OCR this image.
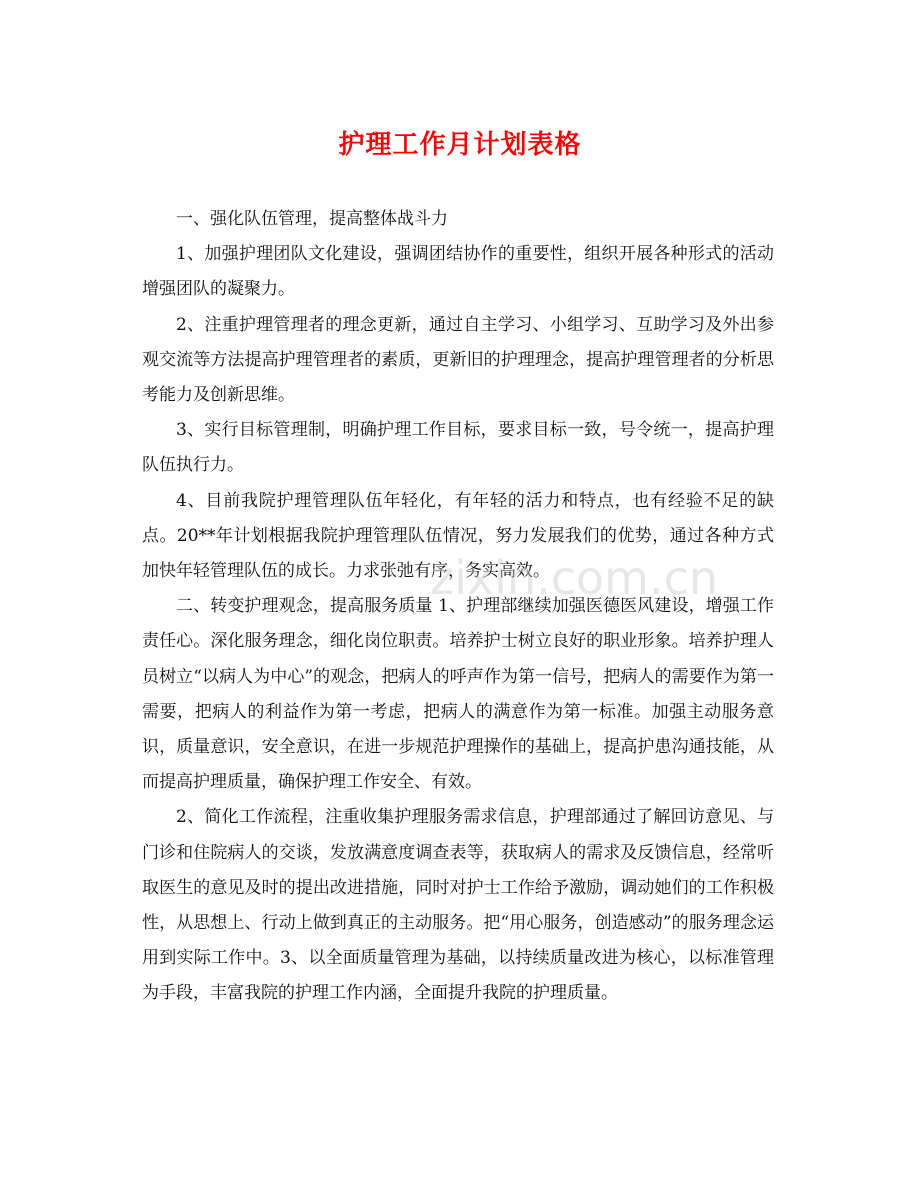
护理工作月计划表格

一、强化队伍管理，提高整体战斗力

1、加强护理团队文化建设，强调团结协作的重要性，组织开展各种形式的活动增强团队的凝聚力。

2、注重护理管理者的理念更新，通过自主学习、小组学习、互助学习及外出参观交流等方法提高护理管理者的素质，更新旧的护理理念，提高护理管理者的分析思考能力及创新思维。

3、实行目标管理制，明确护理工作目标，要求目标一致，号令统一，提高护理队伍执行力。

4、目前我院护理管理队伍年轻化，有年轻的活力和特点，也有经验不足的缺点。20**年计划根据我院护理管理队伍情况，努力发展我们的优势，通过各种方式加快年轻管理队伍的成长。力求张弛有序，务实高效。

二、转变护理观念，提高服务质量 1、护理部继续加强医德医风建设，增强工作责任心。深化服务理念，细化岗位职责。培养护士树立良好的职业形象。培养护理人员树立“以病人为中心”的观念，把病人的呼声作为第一信号，把病人的需要作为第一需要，把病人的利益作为第一考虑，把病人的满意作为第一标准。加强主动服务意识，质量意识，安全意识，在进一步规范护理操作的基础上，提高护患沟通技能，从而提高护理质量，确保护理工作安全、有效。

2、简化工作流程，注重收集护理服务需求信息，护理部通过了解回访意见、与门诊和住院病人的交谈，发放满意度调查表等，获取病人的需求及反馈信息，经常听取医生的意见及时的提出改进措施，同时对护士工作给予激励，调动她们的工作积极性，从思想上、行动上做到真正的主动服务。把“用心服务，创造感动”的服务理念运用到实际工作中。3、以全面质量管理为基础，以持续质量改进为核心，以标准管理为手段，丰富我院的护理工作内涵，全面提升我院的护理质量。

zixin.com.cn
